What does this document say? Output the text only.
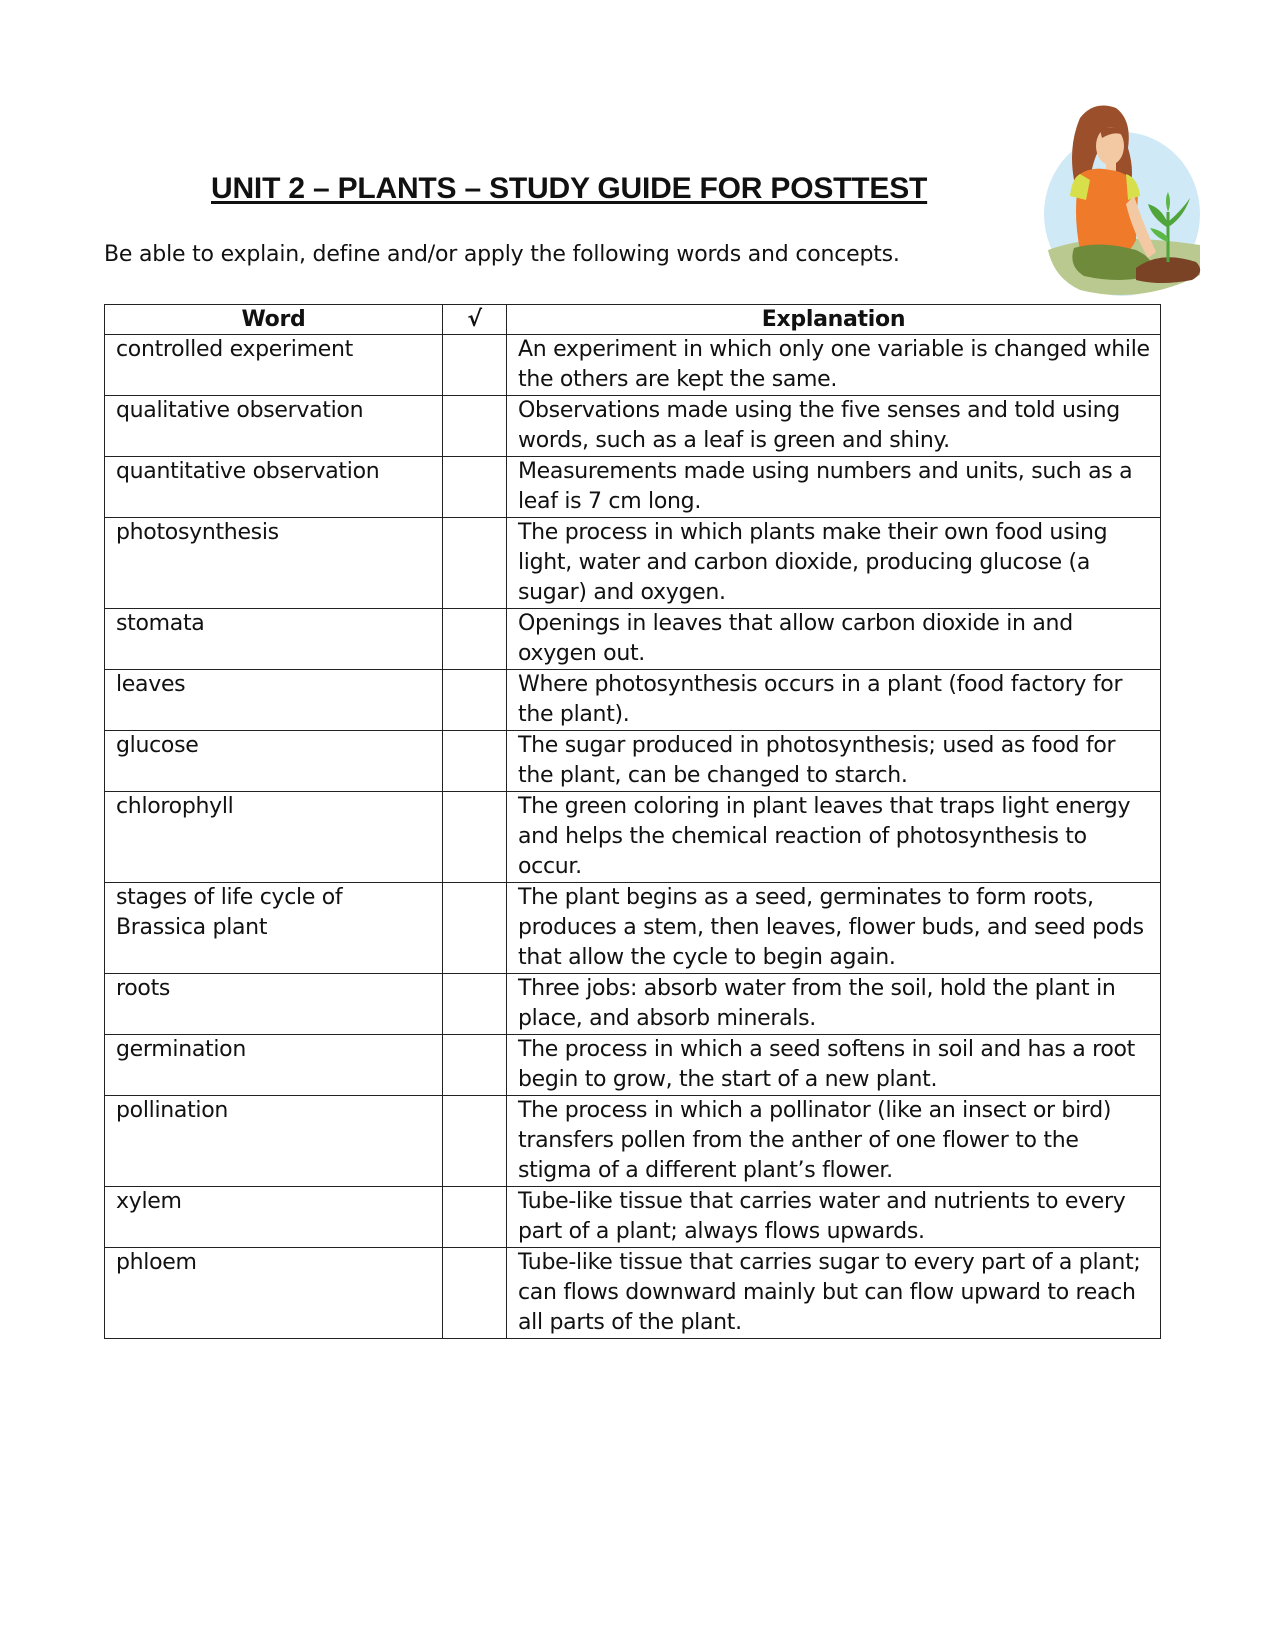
UNIT 2 – PLANTS – STUDY GUIDE FOR POSTTEST

Be able to explain, define and/or apply the following words and concepts.

Word	√	Explanation
controlled experiment		An experiment in which only one variable is changed while the others are kept the same.
qualitative observation		Observations made using the five senses and told using words, such as a leaf is green and shiny.
quantitative observation		Measurements made using numbers and units, such as a leaf is 7 cm long.
photosynthesis		The process in which plants make their own food using light, water and carbon dioxide, producing glucose (a sugar) and oxygen.
stomata		Openings in leaves that allow carbon dioxide in and oxygen out.
leaves		Where photosynthesis occurs in a plant (food factory for the plant).
glucose		The sugar produced in photosynthesis; used as food for the plant, can be changed to starch.
chlorophyll		The green coloring in plant leaves that traps light energy and helps the chemical reaction of photosynthesis to occur.
stages of life cycle of Brassica plant		The plant begins as a seed, germinates to form roots, produces a stem, then leaves, flower buds, and seed pods that allow the cycle to begin again.
roots		Three jobs: absorb water from the soil, hold the plant in place, and absorb minerals.
germination		The process in which a seed softens in soil and has a root begin to grow, the start of a new plant.
pollination		The process in which a pollinator (like an insect or bird) transfers pollen from the anther of one flower to the stigma of a different plant’s flower.
xylem		Tube-like tissue that carries water and nutrients to every part of a plant; always flows upwards.
phloem		Tube-like tissue that carries sugar to every part of a plant; can flows downward mainly but can flow upward to reach all parts of the plant.
